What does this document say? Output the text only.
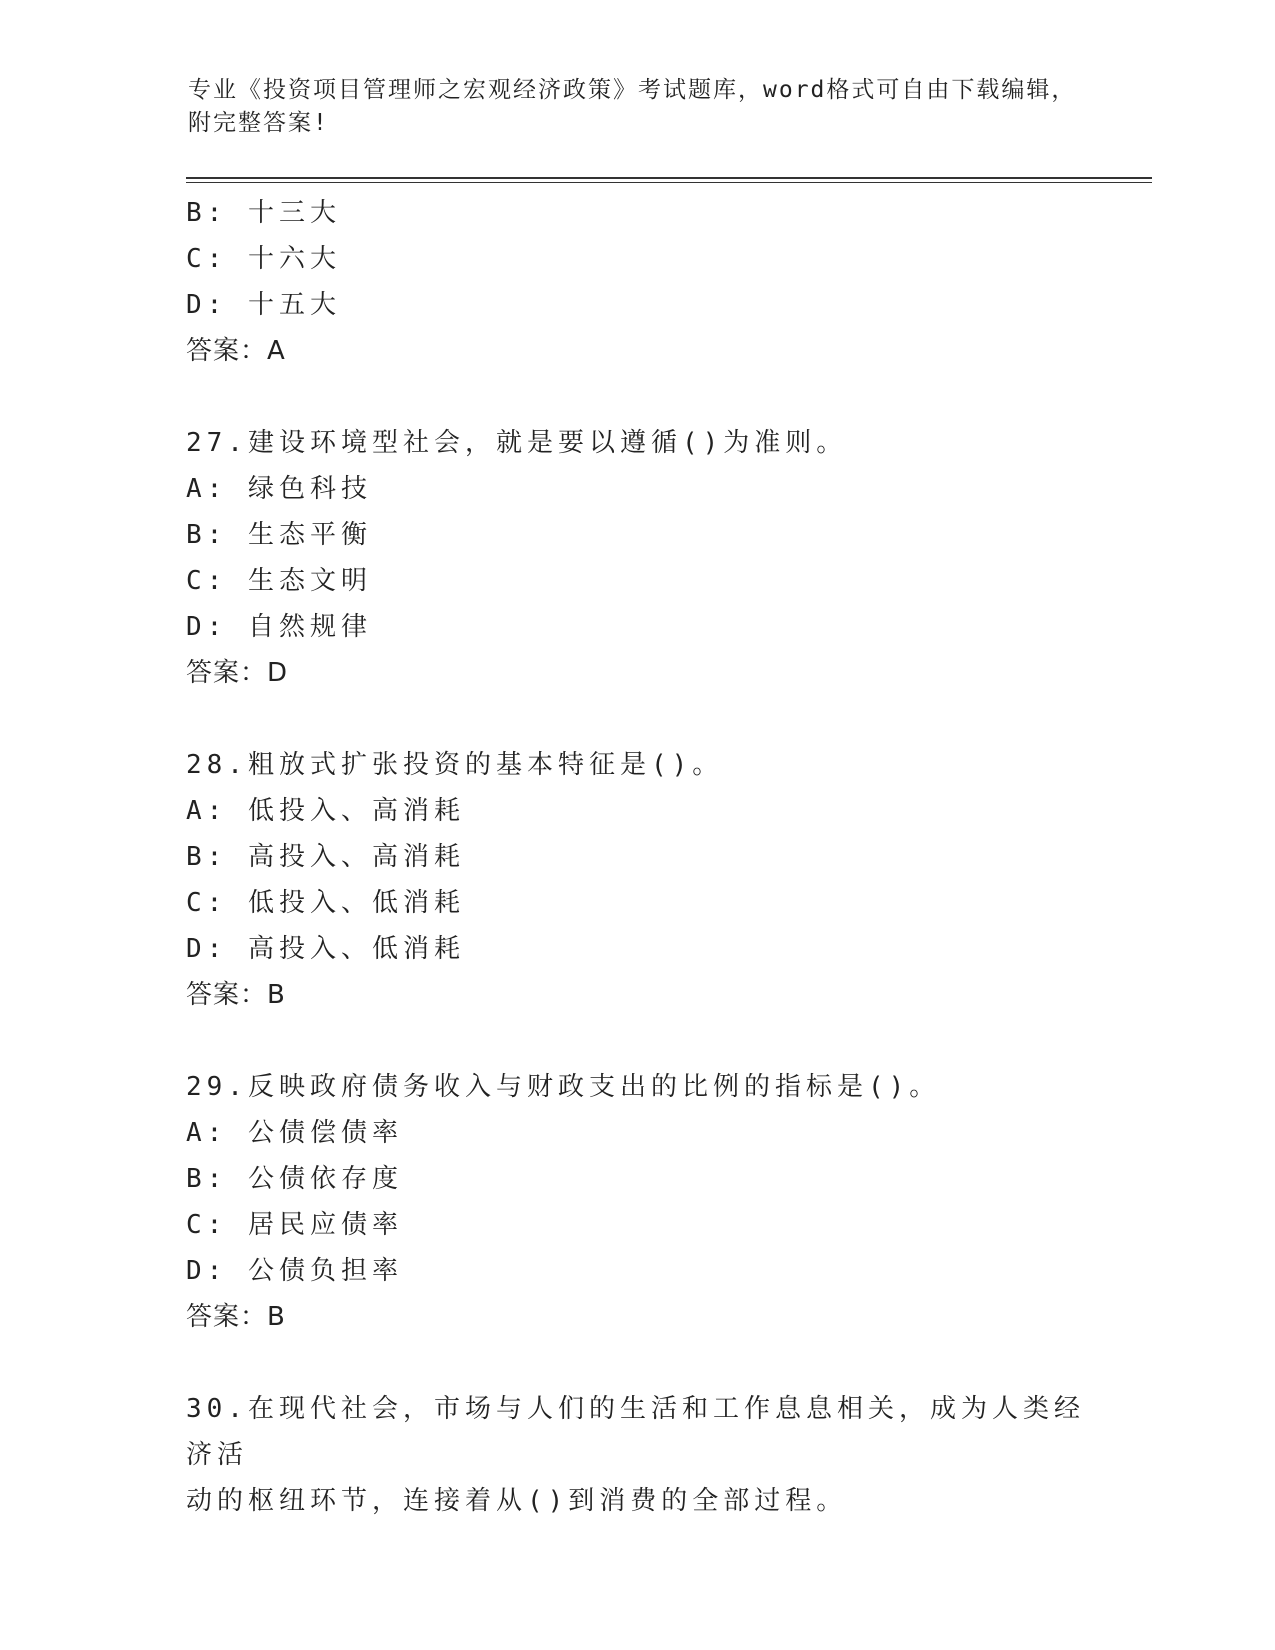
专业《投资项目管理师之宏观经济政策》考试题库，word格式可自由下载编辑，
附完整答案!
B: 十三大
C: 十六大
D: 十五大
答案：A
27.建设环境型社会，就是要以遵循()为准则。
A: 绿色科技
B: 生态平衡
C: 生态文明
D: 自然规律
答案：D
28.粗放式扩张投资的基本特征是()。
A: 低投入、高消耗
B: 高投入、高消耗
C: 低投入、低消耗
D: 高投入、低消耗
答案：B
29.反映政府债务收入与财政支出的比例的指标是()。
A: 公债偿债率
B: 公债依存度
C: 居民应债率
D: 公债负担率
答案：B
30.在现代社会，市场与人们的生活和工作息息相关，成为人类经济活
动的枢纽环节，连接着从()到消费的全部过程。
